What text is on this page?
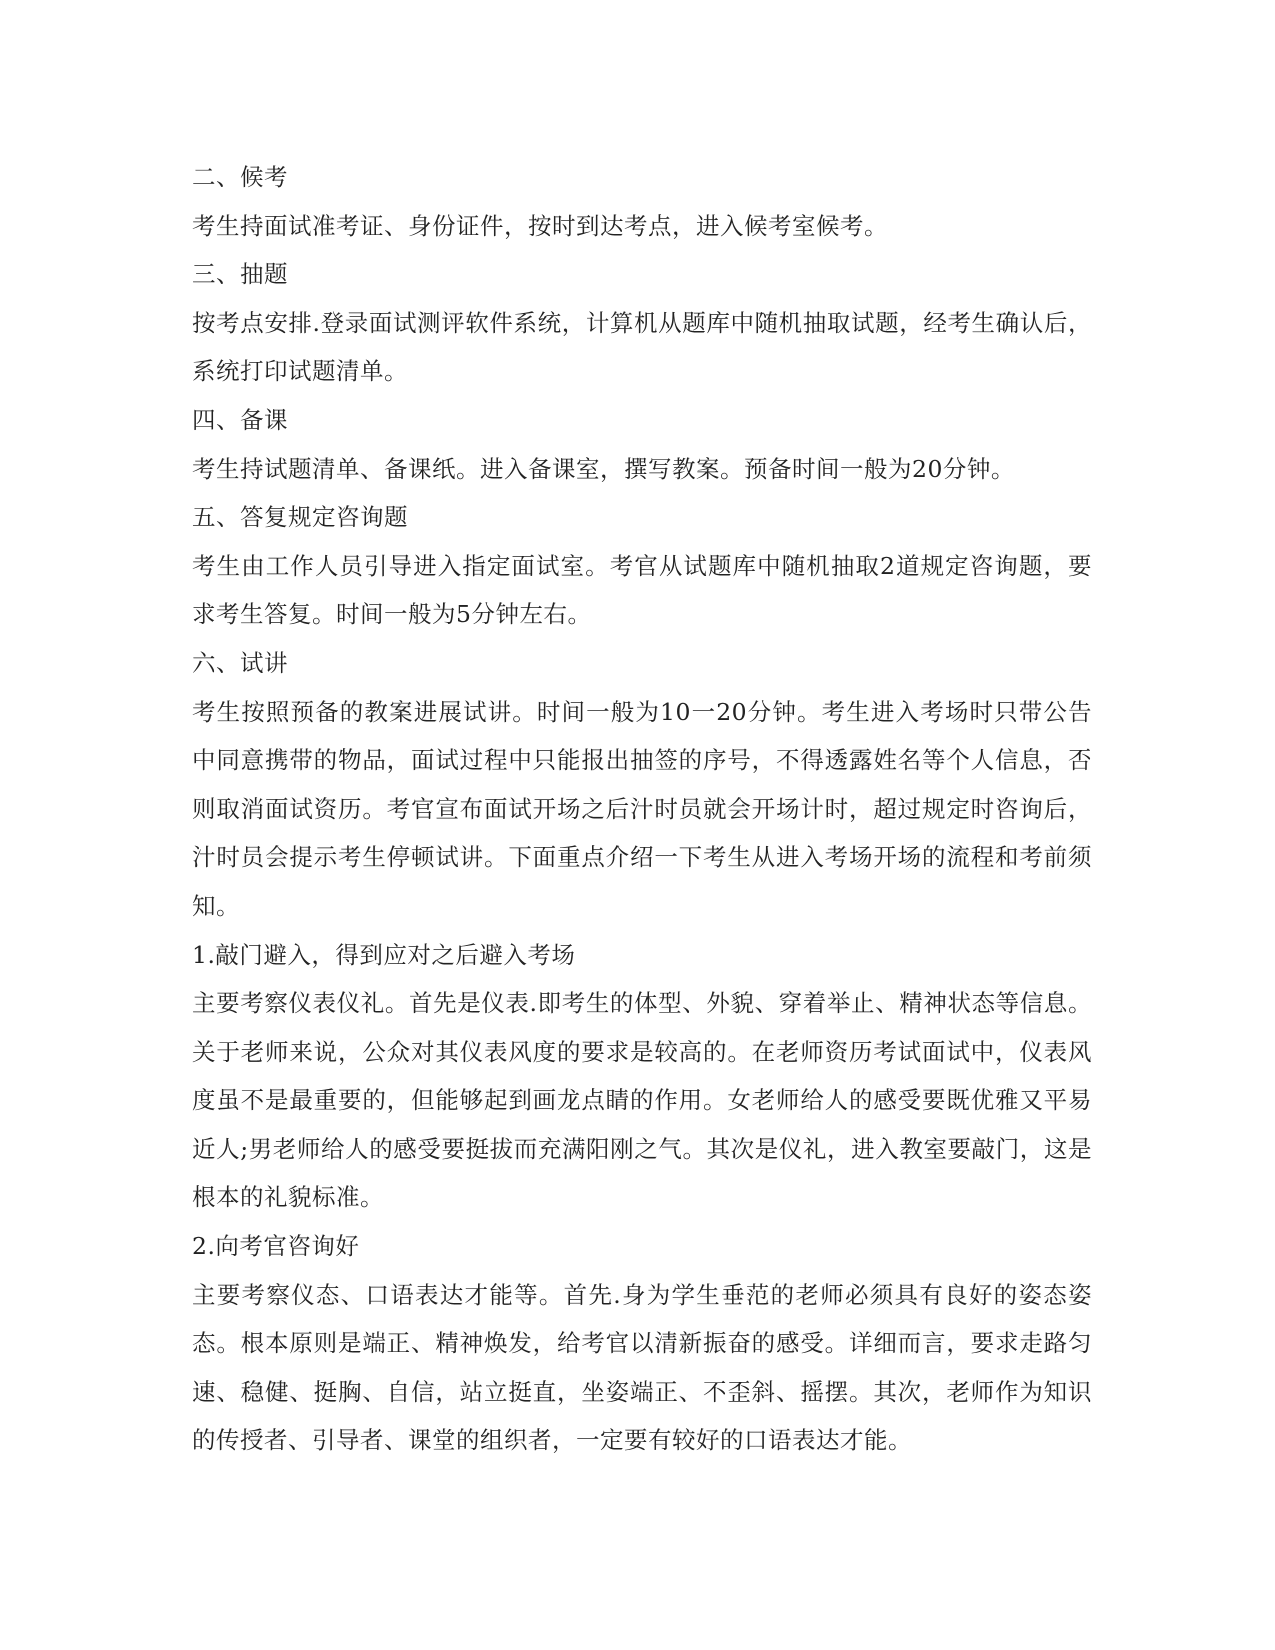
二、候考

考生持面试准考证、身份证件，按时到达考点，进入候考室候考。

三、抽题

按考点安排.登录面试测评软件系统，计算机从题库中随机抽取试题，经考生确认后，系统打印试题清单。

四、备课

考生持试题清单、备课纸。进入备课室，撰写教案。预备时间一般为20分钟。

五、答复规定咨询题

考生由工作人员引导进入指定面试室。考官从试题库中随机抽取2道规定咨询题，要求考生答复。时间一般为5分钟左右。

六、试讲

考生按照预备的教案进展试讲。时间一般为10一20分钟。考生进入考场时只带公告中同意携带的物品，面试过程中只能报出抽签的序号，不得透露姓名等个人信息，否则取消面试资历。考官宣布面试开场之后汁时员就会开场计时，超过规定时咨询后，汁时员会提示考生停顿试讲。下面重点介绍一下考生从进入考场开场的流程和考前须知。

1.敲门避入，得到应对之后避入考场

主要考察仪表仪礼。首先是仪表.即考生的体型、外貌、穿着举止、精神状态等信息。关于老师来说，公众对其仪表风度的要求是较高的。在老师资历考试面试中，仪表风度虽不是最重要的，但能够起到画龙点睛的作用。女老师给人的感受要既优雅又平易近人;男老师给人的感受要挺拔而充满阳刚之气。其次是仪礼，进入教室要敲门，这是根本的礼貌标准。

2.向考官咨询好

主要考察仪态、口语表达才能等。首先.身为学生垂范的老师必须具有良好的姿态姿态。根本原则是端正、精神焕发，给考官以清新振奋的感受。详细而言，要求走路匀速、稳健、挺胸、自信，站立挺直，坐姿端正、不歪斜、摇摆。其次，老师作为知识的传授者、引导者、课堂的组织者，一定要有较好的口语表达才能。
